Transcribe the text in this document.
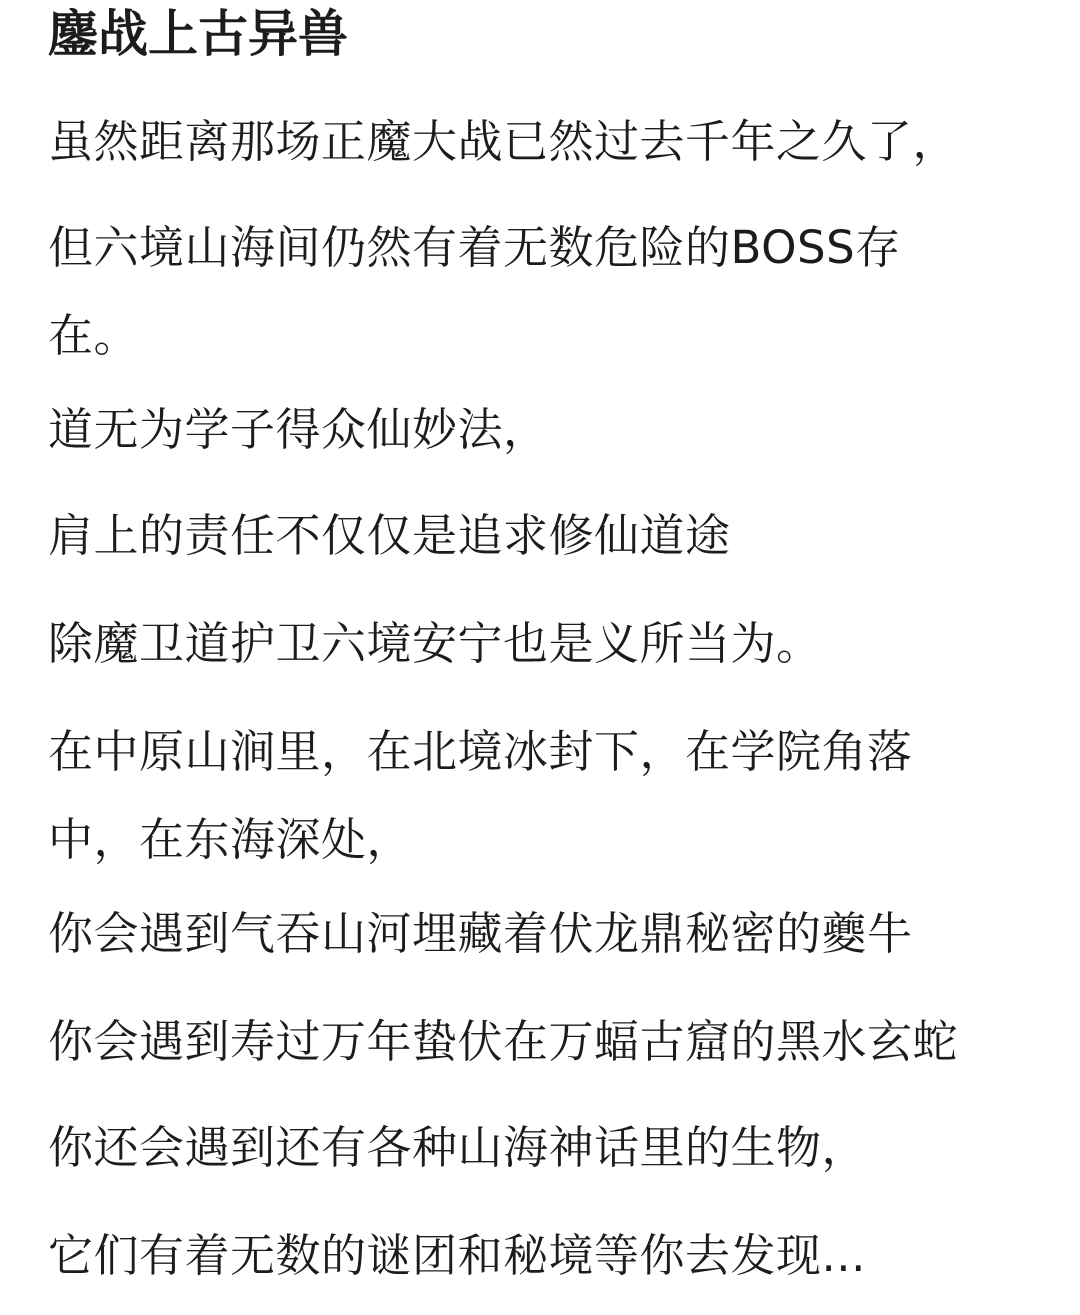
鏖战上古异兽

虽然距离那场正魔大战已然过去千年之久了，

但六境山海间仍然有着无数危险的BOSS存

在。

道无为学子得众仙妙法，

肩上的责任不仅仅是追求修仙道途

除魔卫道护卫六境安宁也是义所当为。

在中原山涧里，在北境冰封下，在学院角落

中，在东海深处，

你会遇到气吞山河埋藏着伏龙鼎秘密的夔牛

你会遇到寿过万年蛰伏在万蝠古窟的黑水玄蛇

你还会遇到还有各种山海神话里的生物，

它们有着无数的谜团和秘境等你去发现...
